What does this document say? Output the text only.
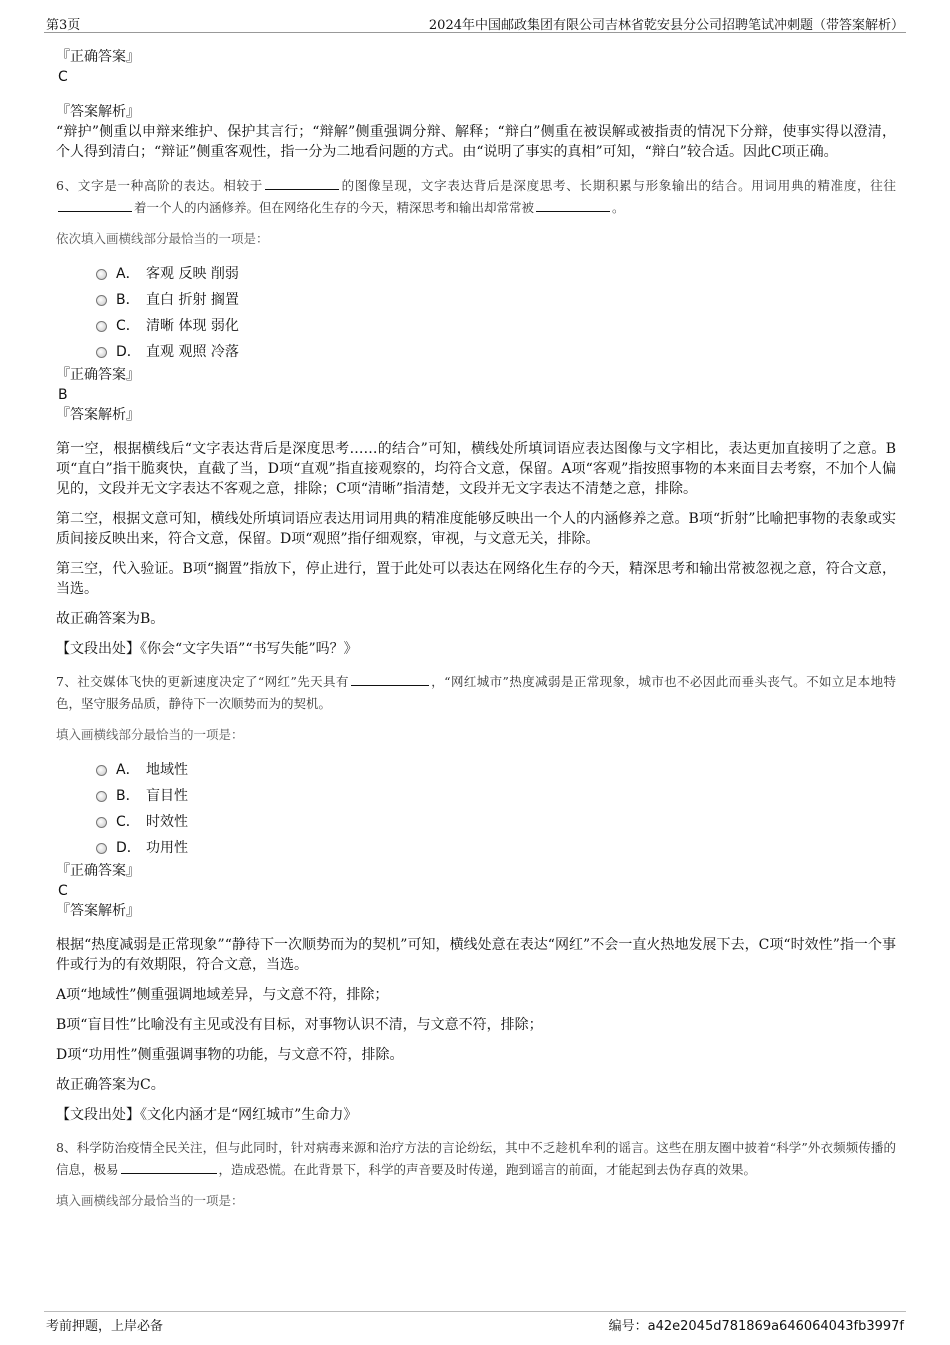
第3页	2024年中国邮政集团有限公司吉林省乾安县分公司招聘笔试冲刺题（带答案解析）
『正确答案』
C
『答案解析』
“辩护”侧重以申辩来维护、保护其言行；“辩解”侧重强调分辩、解释；“辩白”侧重在被误解或被指责的情况下分辩，使事实得以澄清，个人得到清白；“辩证”侧重客观性，指一分为二地看问题的方式。由“说明了事实的真相”可知，“辩白”较合适。因此C项正确。
6、文字是一种高阶的表达。相较于	的图像呈现，文字表达背后是深度思考、长期积累与形象输出的结合。用词用典的精准度，往往着一个人的内涵修养。但在网络化生存的今天，精深思考和输出却常常被	。
依次填入画横线部分最恰当的一项是：
A． 客观 反映 削弱
B． 直白 折射 搁置
C． 清晰 体现 弱化
D． 直观 观照 冷落
『正确答案』
B
『答案解析』
第一空，根据横线后“文字表达背后是深度思考……的结合”可知，横线处所填词语应表达图像与文字相比，表达更加直接明了之意。B项“直白”指干脆爽快，直截了当，D项“直观”指直接观察的，均符合文意，保留。A项“客观”指按照事物的本来面目去考察，不加个人偏见的，文段并无文字表达不客观之意，排除；C项“清晰”指清楚，文段并无文字表达不清楚之意，排除。
第二空，根据文意可知，横线处所填词语应表达用词用典的精准度能够反映出一个人的内涵修养之意。B项“折射”比喻把事物的表象或实质间接反映出来，符合文意，保留。D项“观照”指仔细观察，审视，与文意无关，排除。
第三空，代入验证。B项“搁置”指放下，停止进行，置于此处可以表达在网络化生存的今天，精深思考和输出常被忽视之意，符合文意，当选。
故正确答案为B。
【文段出处】《你会“文字失语”“书写失能”吗？》
7、社交媒体飞快的更新速度决定了“网红”先天具有	，“网红城市”热度减弱是正常现象，城市也不必因此而垂头丧气。不如立足本地特色，坚守服务品质，静待下一次顺势而为的契机。
填入画横线部分最恰当的一项是：
A． 地域性
B． 盲目性
C． 时效性
D． 功用性
『正确答案』
C
『答案解析』
根据“热度减弱是正常现象”“静待下一次顺势而为的契机”可知，横线处意在表达“网红”不会一直火热地发展下去，C项“时效性”指一个事件或行为的有效期限，符合文意，当选。
A项“地域性”侧重强调地域差异，与文意不符，排除；
B项“盲目性”比喻没有主见或没有目标，对事物认识不清，与文意不符，排除；
D项“功用性”侧重强调事物的功能，与文意不符，排除。
故正确答案为C。
【文段出处】《文化内涵才是“网红城市”生命力》
8、科学防治疫情全民关注，但与此同时，针对病毒来源和治疗方法的言论纷纭，其中不乏趁机牟利的谣言。这些在朋友圈中披着“科学”外衣频频传播的信息，极易	，造成恐慌。在此背景下，科学的声音要及时传递，跑到谣言的前面，才能起到去伪存真的效果。
填入画横线部分最恰当的一项是：
考前押题，上岸必备	编号：a42e2045d781869a646064043fb3997f
